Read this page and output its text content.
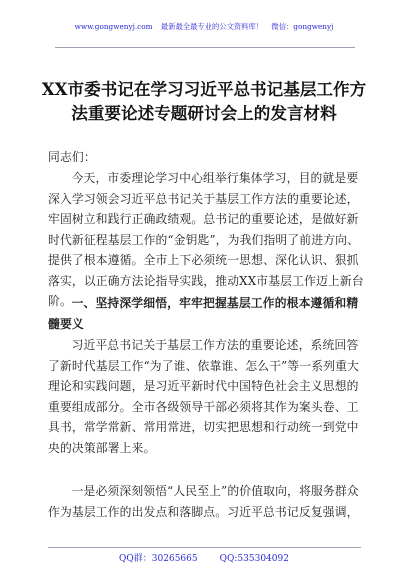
www.gongwenyj.com 最新最全最专业的公文资料库！ 微信：gongwenyj
XX市委书记在学习习近平总书记基层工作方法重要论述专题研讨会上的发言材料
同志们：
今天，市委理论学习中心组举行集体学习，目的就是要深入学习领会习近平总书记关于基层工作方法的重要论述，牢固树立和践行正确政绩观。总书记的重要论述，是做好新时代新征程基层工作的“金钥匙”，为我们指明了前进方向、提供了根本遵循。全市上下必须统一思想、深化认识、狠抓落实，以正确方法论指导实践，推动XX市基层工作迈上新台阶。 一、坚持深学细悟，牢牢把握基层工作的根本遵循和精髓要义
习近平总书记关于基层工作方法的重要论述，系统回答了新时代基层工作“为了谁、依靠谁、怎么干”等一系列重大理论和实践问题，是习近平新时代中国特色社会主义思想的重要组成部分。全市各级领导干部必须将其作为案头卷、工具书，常学常新、常用常进，切实把思想和行动统一到党中央的决策部署上来。
一是必须深刻领悟“人民至上”的价值取向，将服务群众作为基层工作的出发点和落脚点。习近平总书记反复强调，
QQ群：30265665 QQ:535304092
